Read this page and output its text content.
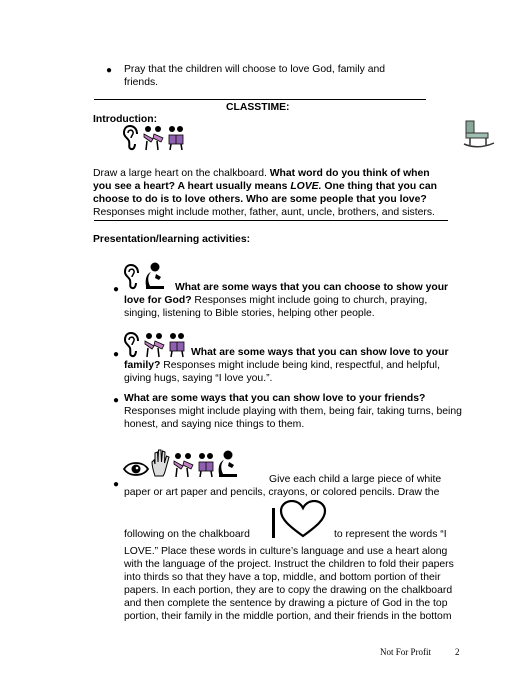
● Pray that the children will choose to love God, family and
friends.
CLASSTIME:
Introduction:
Draw a large heart on the chalkboard. What word do you think of when
you see a heart? A heart usually means LOVE. One thing that you can
choose to do is to love others. Who are some people that you love?
Responses might include mother, father, aunt, uncle, brothers, and sisters.
Presentation/learning activities:
●	What are some ways that you can choose to show your
love for God? Responses might include going to church, praying,
singing, listening to Bible stories, helping other people.
●	What are some ways that you can show love to your
family? Responses might include being kind, respectful, and helpful,
giving hugs, saying “I love you.”.
● What are some ways that you can show love to your friends?
Responses might include playing with them, being fair, taking turns, being
honest, and saying nice things to them.
●	Give each child a large piece of white
paper or art paper and pencils, crayons, or colored pencils. Draw the
following on the chalkboard	to represent the words “I
LOVE.” Place these words in culture’s language and use a heart along
with the language of the project. Instruct the children to fold their papers
into thirds so that they have a top, middle, and bottom portion of their
papers. In each portion, they are to copy the drawing on the chalkboard
and then complete the sentence by drawing a picture of God in the top
portion, their family in the middle portion, and their friends in the bottom
Not For Profit	2
